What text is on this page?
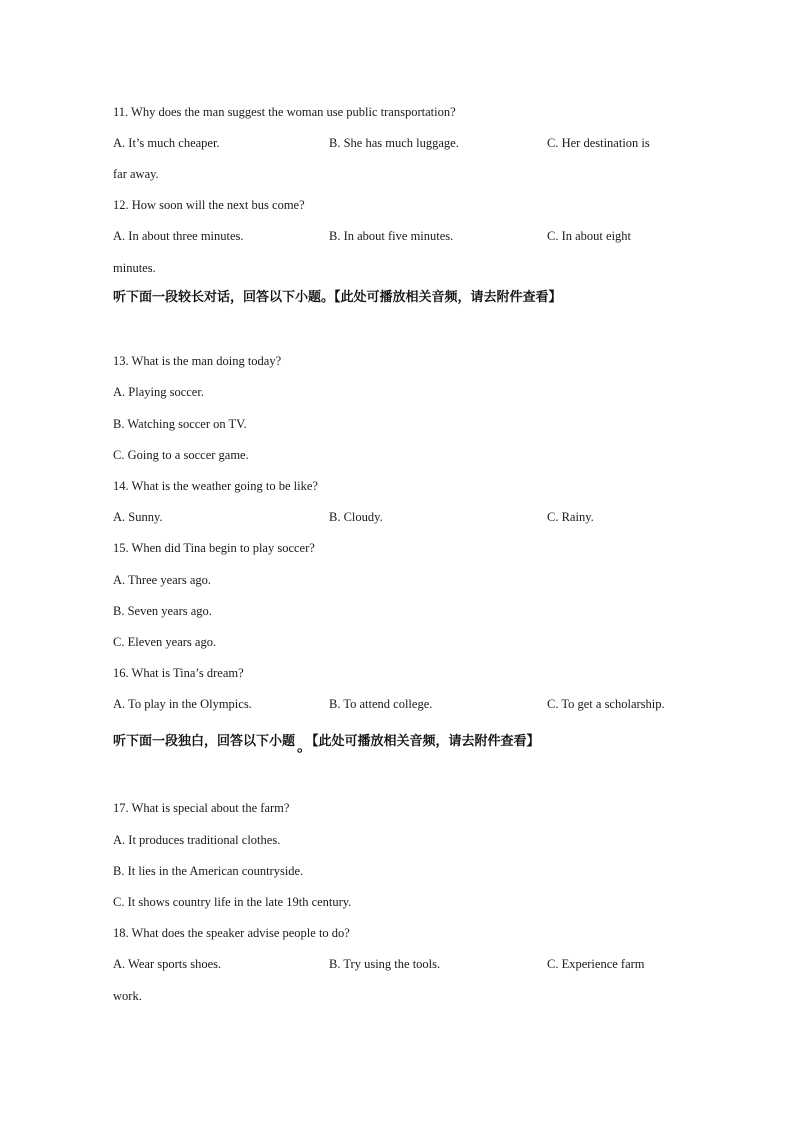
11. Why does the man suggest the woman use public transportation?
A. It’s much cheaper.	B. She has much luggage.	C. Her destination is
far away.
12. How soon will the next bus come?
A. In about three minutes.	B. In about five minutes.	C. In about eight
minutes.
听下面一段较长对话，回答以下小题。【此处可播放相关音频，请去附件查看】
13. What is the man doing today?
A. Playing soccer.
B. Watching soccer on TV.
C. Going to a soccer game.
14. What is the weather going to be like?
A. Sunny.	B. Cloudy.	C. Rainy.
15. When did Tina begin to play soccer?
A. Three years ago.
B. Seven years ago.
C. Eleven years ago.
16. What is Tina’s dream?
A. To play in the Olympics.	B. To attend college.	C. To get a scholarship.
听下面一段独白，回答以下小题 。【此处可播放相关音频，请去附件查看】
17. What is special about the farm?
A. It produces traditional clothes.
B. It lies in the American countryside.
C. It shows country life in the late 19th century.
18. What does the speaker advise people to do?
A. Wear sports shoes.	B. Try using the tools.	C. Experience farm
work.
